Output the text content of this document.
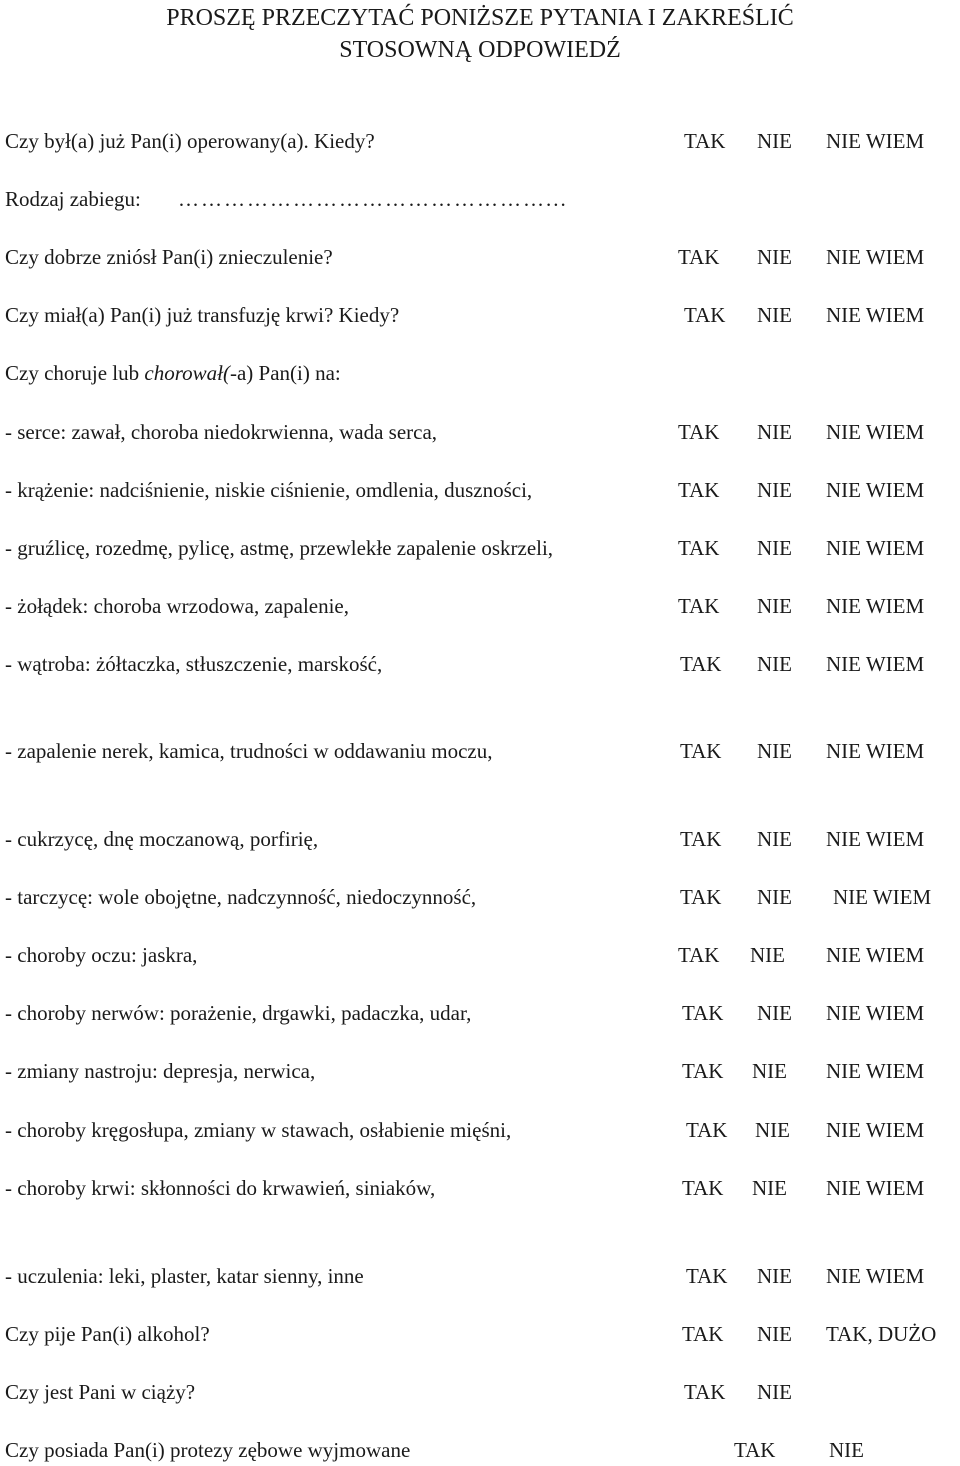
PROSZĘ PRZECZYTAĆ PONIŻSZE PYTANIA I ZAKREŚLIĆ
STOSOWNĄ ODPOWIEDŹ
Czy był(a) już Pan(i) operowany(a). Kiedy?	TAK NIE NIE WIEM
Rodzaj zabiegu: …………………………………………...
Czy dobrze zniósł Pan(i) znieczulenie?	TAK NIE NIE WIEM
Czy miał(a) Pan(i) już transfuzję krwi? Kiedy?	TAK NIE NIE WIEM
Czy choruje lub chorował(-a) Pan(i) na:
- serce: zawał, choroba niedokrwienna, wada serca,	TAK NIE NIE WIEM
- krążenie: nadciśnienie, niskie ciśnienie, omdlenia, duszności,	TAK NIE NIE WIEM
- gruźlicę, rozedmę, pylicę, astmę, przewlekłe zapalenie oskrzeli,	TAK NIE NIE WIEM
- żołądek: choroba wrzodowa, zapalenie,	TAK NIE NIE WIEM
- wątroba: żółtaczka, stłuszczenie, marskość,	TAK NIE NIE WIEM
- zapalenie nerek, kamica, trudności w oddawaniu moczu,	TAK NIE NIE WIEM
- cukrzycę, dnę moczanową, porfirię,	TAK NIE NIE WIEM
- tarczycę: wole obojętne, nadczynność, niedoczynność,	TAK NIE NIE WIEM
- choroby oczu: jaskra,	TAK NIE NIE WIEM
- choroby nerwów: porażenie, drgawki, padaczka, udar,	TAK NIE NIE WIEM
- zmiany nastroju: depresja, nerwica,	TAK NIE NIE WIEM
- choroby kręgosłupa, zmiany w stawach, osłabienie mięśni,	TAK NIE NIE WIEM
- choroby krwi: skłonności do krwawień, siniaków,	TAK NIE NIE WIEM
- uczulenia: leki, plaster, katar sienny, inne	TAK NIE NIE WIEM
Czy pije Pan(i) alkohol?	TAK NIE TAK, DUŻO
Czy jest Pani w ciąży?	TAK NIE
Czy posiada Pan(i) protezy zębowe wyjmowane	TAK	NIE
